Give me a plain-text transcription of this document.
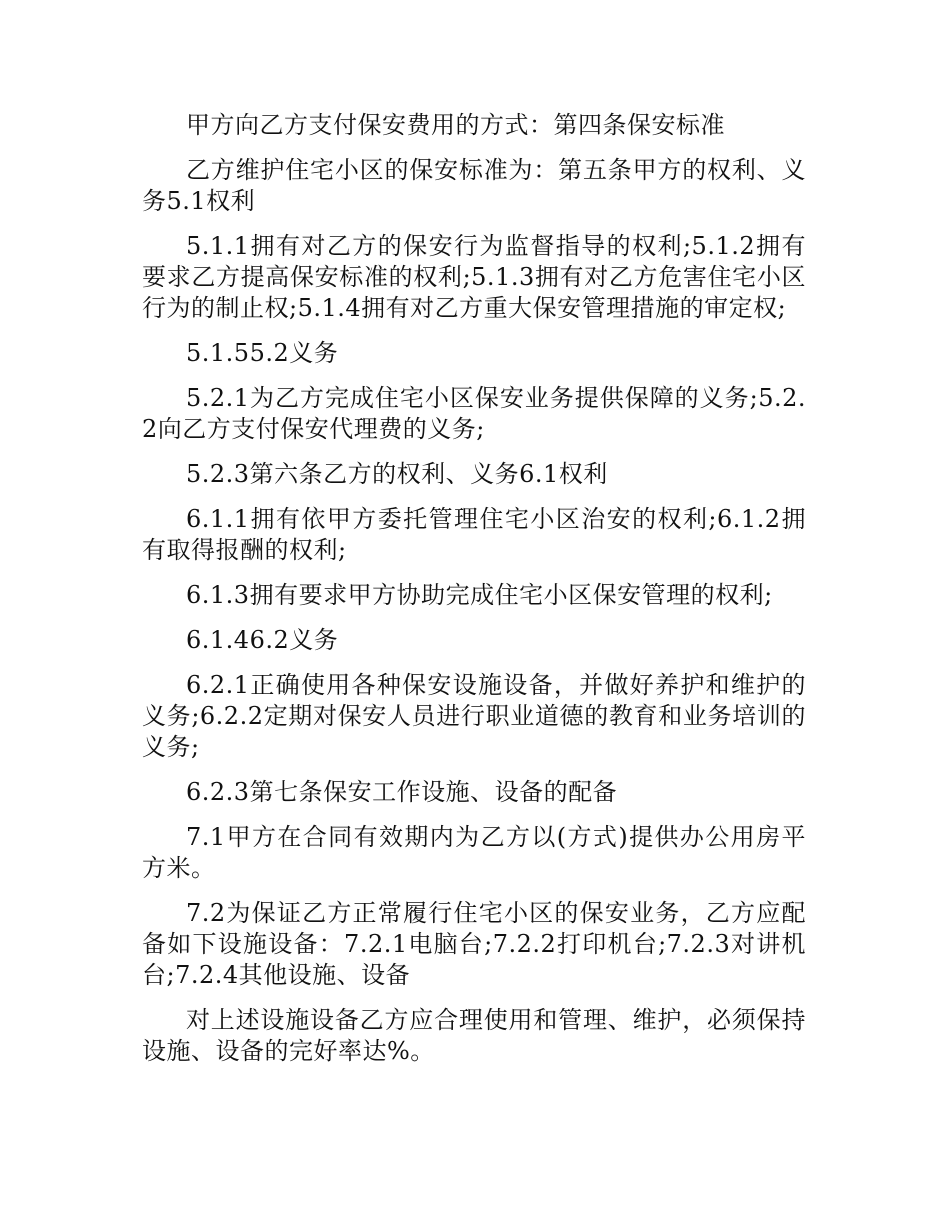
甲方向乙方支付保安费用的方式：第四条保安标准

乙方维护住宅小区的保安标准为：第五条甲方的权利、义务5.1权利

5.1.1拥有对乙方的保安行为监督指导的权利;5.1.2拥有要求乙方提高保安标准的权利;5.1.3拥有对乙方危害住宅小区行为的制止权;5.1.4拥有对乙方重大保安管理措施的审定权;

5.1.55.2义务

5.2.1为乙方完成住宅小区保安业务提供保障的义务;5.2.2向乙方支付保安代理费的义务;

5.2.3第六条乙方的权利、义务6.1权利

6.1.1拥有依甲方委托管理住宅小区治安的权利;6.1.2拥有取得报酬的权利;

6.1.3拥有要求甲方协助完成住宅小区保安管理的权利;

6.1.46.2义务

6.2.1正确使用各种保安设施设备，并做好养护和维护的义务;6.2.2定期对保安人员进行职业道德的教育和业务培训的义务;

6.2.3第七条保安工作设施、设备的配备

7.1甲方在合同有效期内为乙方以(方式)提供办公用房平方米。

7.2为保证乙方正常履行住宅小区的保安业务，乙方应配备如下设施设备：7.2.1电脑台;7.2.2打印机台;7.2.3对讲机台;7.2.4其他设施、设备

对上述设施设备乙方应合理使用和管理、维护，必须保持设施、设备的完好率达%。
